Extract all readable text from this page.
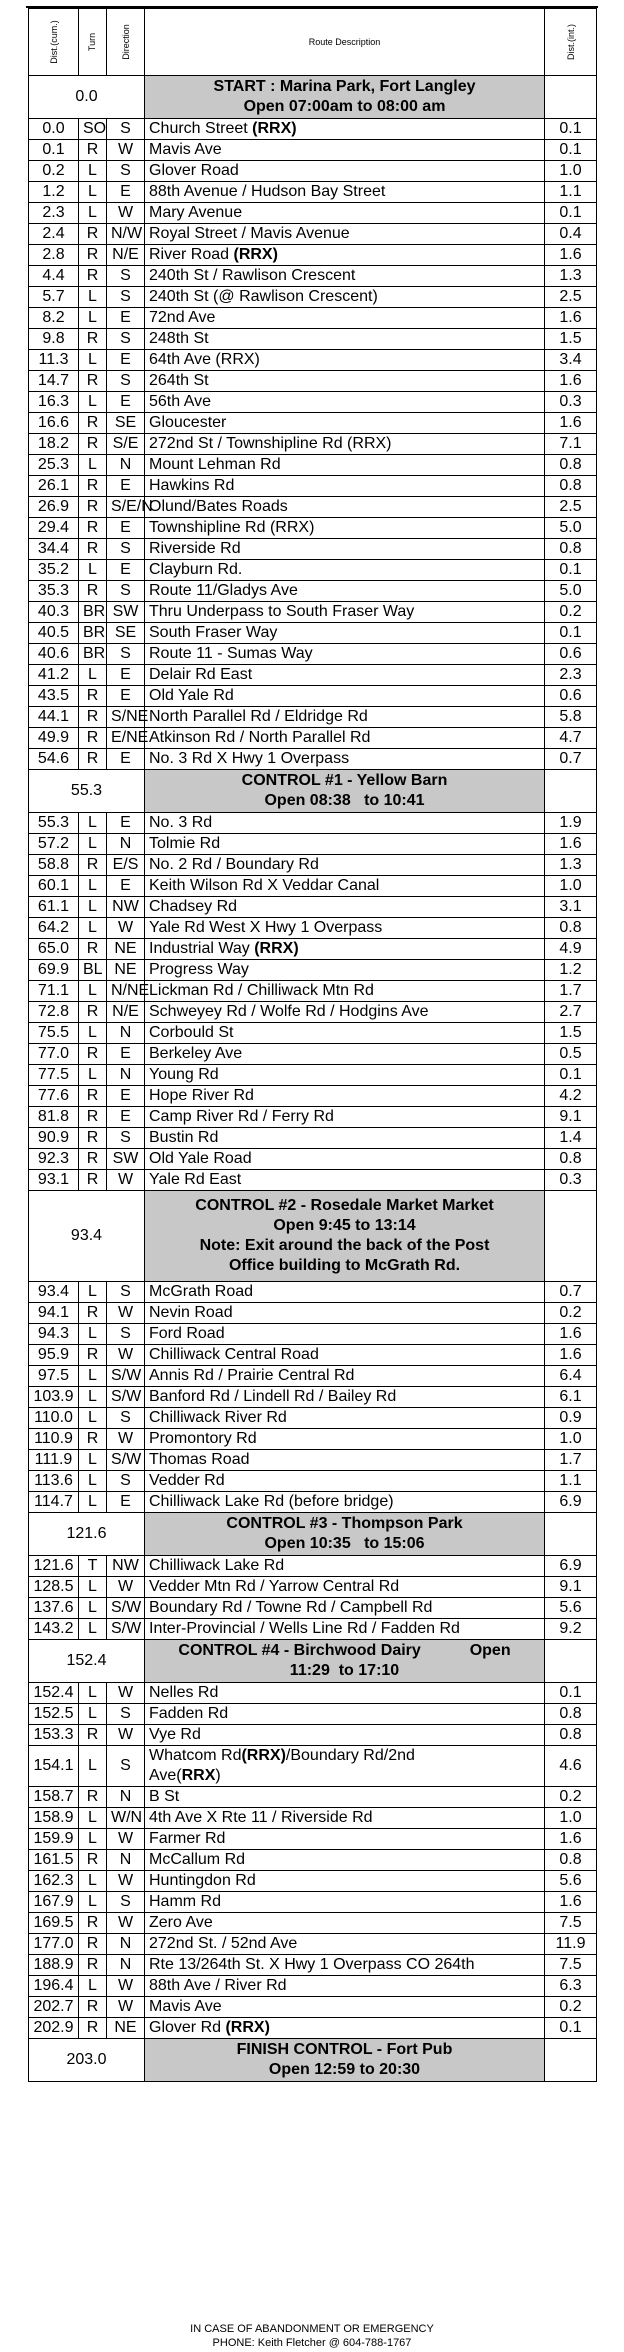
Dist.(cum.)	Turn	Direction	Route Description	Dist.(int.)
0.0			START : Marina Park, Fort Langley
Open 07:00am to 08:00 am	

0.0	SO	S	Church Street (RRX)	0.1
0.1	R	W	Mavis Ave	0.1
0.2	L	S	Glover Road	1.0
1.2	L	E	88th Avenue / Hudson Bay Street	1.1
2.3	L	W	Mary Avenue	0.1
2.4	R	N/W	Royal Street / Mavis Avenue	0.4
2.8	R	N/E	River Road (RRX)	1.6
4.4	R	S	240th St / Rawlison Crescent	1.3
5.7	L	S	240th St (@ Rawlison Crescent)	2.5
8.2	L	E	72nd Ave	1.6
9.8	R	S	248th St	1.5
11.3	L	E	64th Ave (RRX)	3.4
14.7	R	S	264th St	1.6
16.3	L	E	56th Ave	0.3
16.6	R	SE	Gloucester	1.6
18.2	R	S/E	272nd St / Townshipline Rd (RRX)	7.1
25.3	L	N	Mount Lehman Rd	0.8
26.1	R	E	Hawkins Rd	0.8
26.9	R	S/E/N	Olund/Bates Roads	2.5
29.4	R	E	Townshipline Rd (RRX)	5.0
34.4	R	S	Riverside Rd	0.8
35.2	L	E	Clayburn Rd.	0.1
35.3	R	S	Route 11/Gladys Ave	5.0
40.3	BR	SW	Thru Underpass to South Fraser Way	0.2
40.5	BR	SE	South Fraser Way	0.1
40.6	BR	S	Route 11 - Sumas Way	0.6
41.2	L	E	Delair Rd East	2.3
43.5	R	E	Old Yale Rd	0.6
44.1	R	S/NE	North Parallel Rd / Eldridge Rd	5.8
49.9	R	E/NE	Atkinson Rd / North Parallel Rd	4.7
54.6	R	E	No. 3 Rd X Hwy 1 Overpass	0.7
55.3			CONTROL #1 - Yellow Barn
Open 08:38   to 10:41	

55.3	L	E	No. 3 Rd	1.9
57.2	L	N	Tolmie Rd	1.6
58.8	R	E/S	No. 2 Rd / Boundary Rd	1.3
60.1	L	E	Keith Wilson Rd X Veddar Canal	1.0
61.1	L	NW	Chadsey Rd	3.1
64.2	L	W	Yale Rd West X Hwy 1 Overpass	0.8
65.0	R	NE	Industrial Way (RRX)	4.9
69.9	BL	NE	Progress Way	1.2
71.1	L	N/NE	Lickman Rd / Chilliwack Mtn Rd	1.7
72.8	R	N/E	Schweyey Rd / Wolfe Rd / Hodgins Ave	2.7
75.5	L	N	Corbould St	1.5
77.0	R	E	Berkeley Ave	0.5
77.5	L	N	Young Rd	0.1
77.6	R	E	Hope River Rd	4.2
81.8	R	E	Camp River Rd / Ferry Rd	9.1
90.9	R	S	Bustin Rd	1.4
92.3	R	SW	Old Yale Road	0.8
93.1	R	W	Yale Rd East	0.3
93.4			CONTROL #2 - Rosedale Market Market
Open 9:45 to 13:14
Note: Exit around the back of the Post
Office building to McGrath Rd.	

93.4	L	S	McGrath Road	0.7
94.1	R	W	Nevin Road	0.2
94.3	L	S	Ford Road	1.6
95.9	R	W	Chilliwack Central Road	1.6
97.5	L	S/W	Annis Rd / Prairie Central Rd	6.4
103.9	L	S/W	Banford Rd / Lindell Rd / Bailey Rd	6.1
110.0	L	S	Chilliwack River Rd	0.9
110.9	R	W	Promontory Rd	1.0
111.9	L	S/W	Thomas Road	1.7
113.6	L	S	Vedder Rd	1.1
114.7	L	E	Chilliwack Lake Rd (before bridge)	6.9
121.6			CONTROL #3 - Thompson Park
Open 10:35   to 15:06	

121.6	T	NW	Chilliwack Lake Rd	6.9
128.5	L	W	Vedder Mtn Rd / Yarrow Central Rd	9.1
137.6	L	S/W	Boundary Rd / Towne Rd / Campbell Rd	5.6
143.2	L	S/W	Inter-Provincial / Wells Line Rd / Fadden Rd	9.2
152.4			CONTROL #4 - Birchwood Dairy           Open
11:29  to 17:10	

152.4	L	W	Nelles Rd	0.1
152.5	L	S	Fadden Rd	0.8
153.3	R	W	Vye Rd	0.8
154.1	L	S	Whatcom Rd(RRX)/Boundary Rd/2nd
Ave(RRX)	4.6
158.7	R	N	B St	0.2
158.9	L	W/N	4th Ave X Rte 11 / Riverside Rd	1.0
159.9	L	W	Farmer Rd	1.6
161.5	R	N	McCallum Rd	0.8
162.3	L	W	Huntingdon Rd	5.6
167.9	L	S	Hamm Rd	1.6
169.5	R	W	Zero Ave	7.5
177.0	R	N	272nd St. / 52nd Ave	11.9
188.9	R	N	Rte 13/264th St. X Hwy 1 Overpass CO 264th	7.5
196.4	L	W	88th Ave / River Rd	6.3
202.7	R	W	Mavis Ave	0.2
202.9	R	NE	Glover Rd (RRX)	0.1
203.0			FINISH CONTROL - Fort Pub
Open 12:59 to 20:30	

IN CASE OF ABANDONMENT OR EMERGENCY
PHONE: Keith Fletcher @ 604-788-1767
